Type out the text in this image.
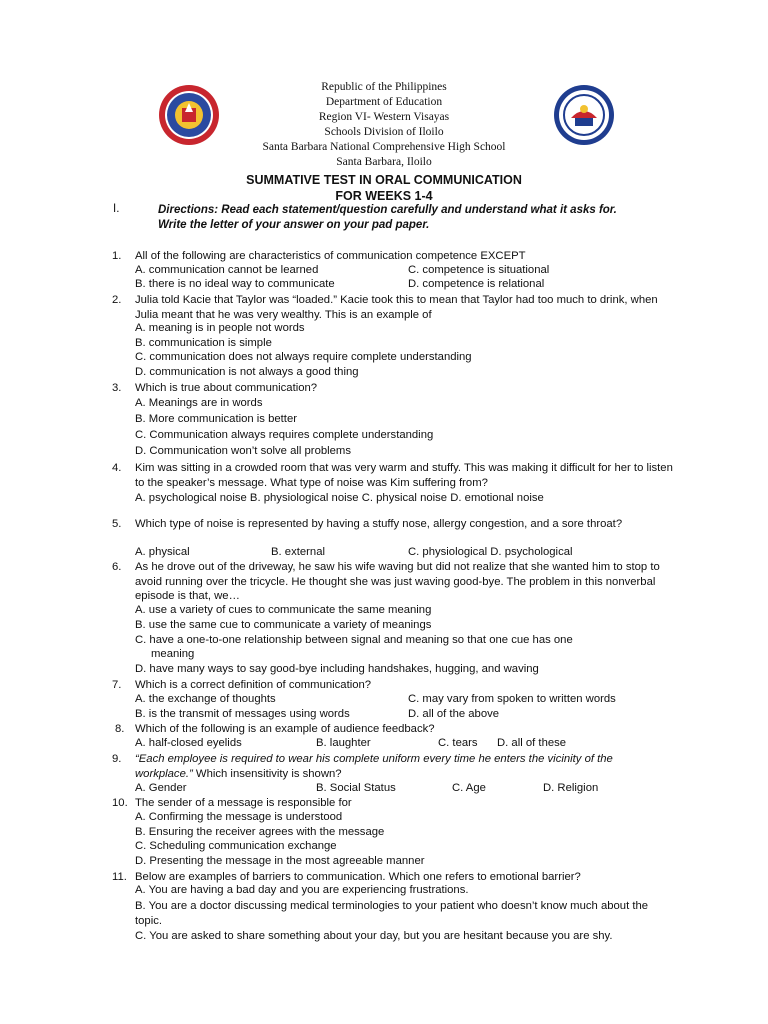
Republic of the Philippines
Department of Education
Region VI- Western Visayas
Schools Division of Iloilo
Santa Barbara National Comprehensive High School
Santa Barbara, Iloilo
SUMMATIVE TEST IN ORAL COMMUNICATION
FOR WEEKS 1-4
I.	Directions: Read each statement/question carefully and understand what it asks for.
Write the letter of your answer on your pad paper.
1.	All of the following are characteristics of communication competence EXCEPT
A. communication cannot be learned	C. competence is situational
B. there is no ideal way to communicate	D. competence is relational
2.	Julia told Kacie that Taylor was “loaded.” Kacie took this to mean that Taylor had too much to drink, when Julia meant that he was very wealthy. This is an example of
A. meaning is in people not words
B. communication is simple
C. communication does not always require complete understanding
D. communication is not always a good thing
3.	Which is true about communication?
A. Meanings are in words
B. More communication is better
C. Communication always requires complete understanding
D. Communication won’t solve all problems
4.	Kim was sitting in a crowded room that was very warm and stuffy. This was making it difficult for her to listen to the speaker’s message. What type of noise was Kim suffering from?
A. psychological noise B. physiological noise C. physical noise D. emotional noise
5.	Which type of noise is represented by having a stuffy nose, allergy congestion, and a sore throat?
A. physical	B. external	C. physiological D. psychological
6.	As he drove out of the driveway, he saw his wife waving but did not realize that she wanted him to stop to avoid running over the tricycle. He thought she was just waving good-bye. The problem in this nonverbal episode is that, we…
A. use a variety of cues to communicate the same meaning
B. use the same cue to communicate a variety of meanings
C. have a one-to-one relationship between signal and meaning so that one cue has one
meaning
D. have many ways to say good-bye including handshakes, hugging, and waving
7.	Which is a correct definition of communication?
A. the exchange of thoughts	C. may vary from spoken to written words
B. is the transmit of messages using words	D. all of the above
8. Which of the following is an example of audience feedback?
A. half-closed eyelids	B. laughter	C. tears D. all of these
9.	“Each employee is required to wear his complete uniform every time he enters the vicinity of the
workplace.” Which insensitivity is shown?
A. Gender	B. Social Status	C. Age	D. Religion
10. The sender of a message is responsible for
A. Confirming the message is understood
B. Ensuring the receiver agrees with the message
C. Scheduling communication exchange
D. Presenting the message in the most agreeable manner
11. Below are examples of barriers to communication. Which one refers to emotional barrier?
A. You are having a bad day and you are experiencing frustrations.
B. You are a doctor discussing medical terminologies to your patient who doesn’t know much about the topic.
C. You are asked to share something about your day, but you are hesitant because you are shy.
